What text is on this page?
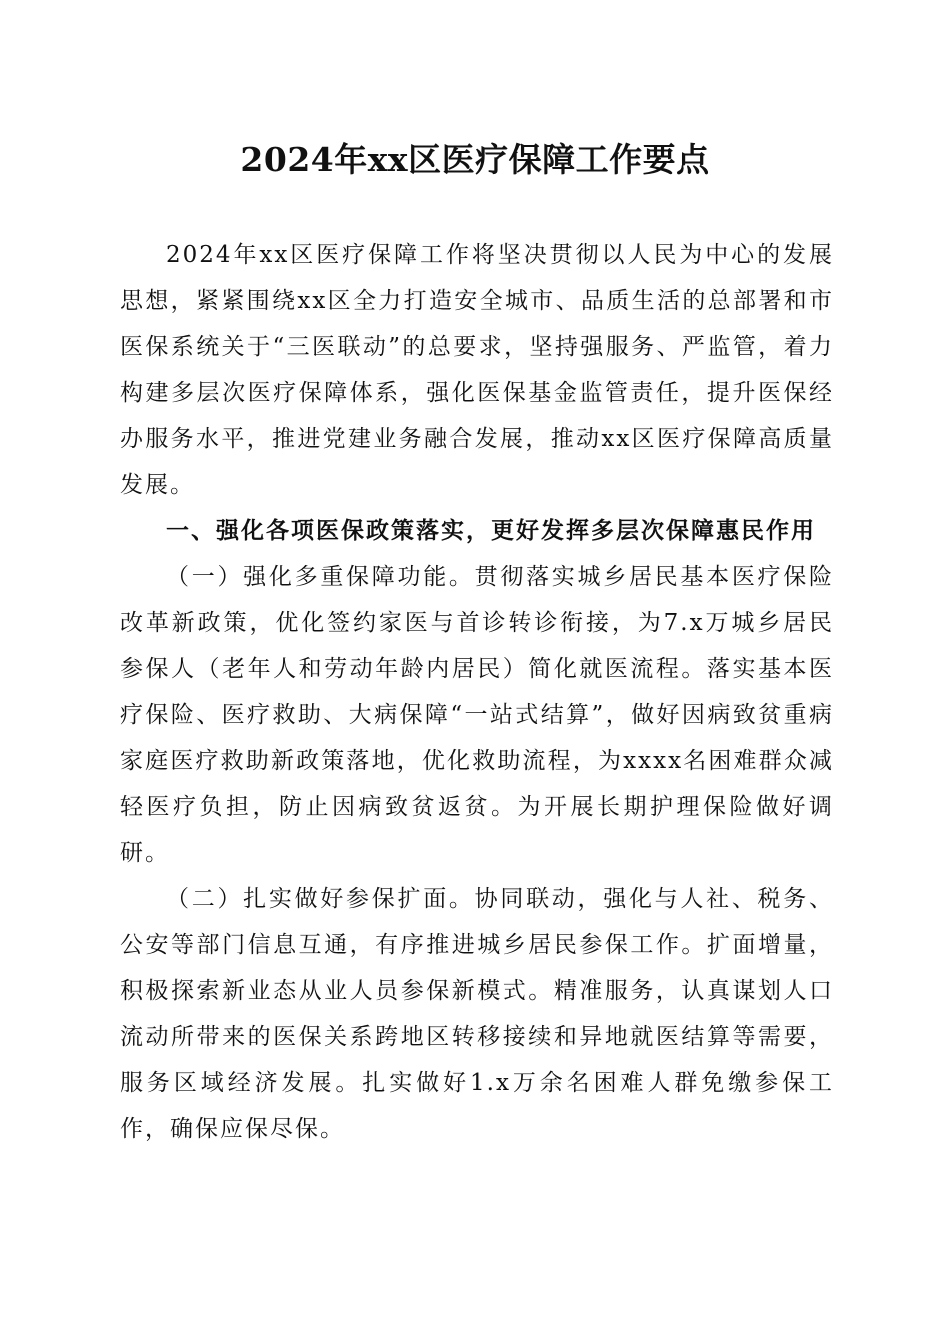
2024年xx区医疗保障工作要点

2024年xx区医疗保障工作将坚决贯彻以人民为中心的发展思想，紧紧围绕xx区全力打造安全城市、品质生活的总部署和市医保系统关于“三医联动”的总要求，坚持强服务、严监管，着力构建多层次医疗保障体系，强化医保基金监管责任，提升医保经办服务水平，推进党建业务融合发展，推动xx区医疗保障高质量发展。

一、强化各项医保政策落实，更好发挥多层次保障惠民作用

（一）强化多重保障功能。贯彻落实城乡居民基本医疗保险改革新政策，优化签约家医与首诊转诊衔接，为7.x万城乡居民参保人（老年人和劳动年龄内居民）简化就医流程。落实基本医疗保险、医疗救助、大病保障“一站式结算”，做好因病致贫重病家庭医疗救助新政策落地，优化救助流程，为xxxx名困难群众减轻医疗负担，防止因病致贫返贫。为开展长期护理保险做好调研。

（二）扎实做好参保扩面。协同联动，强化与人社、税务、公安等部门信息互通，有序推进城乡居民参保工作。扩面增量，积极探索新业态从业人员参保新模式。精准服务，认真谋划人口流动所带来的医保关系跨地区转移接续和异地就医结算等需要，服务区域经济发展。扎实做好1.x万余名困难人群免缴参保工作，确保应保尽保。
